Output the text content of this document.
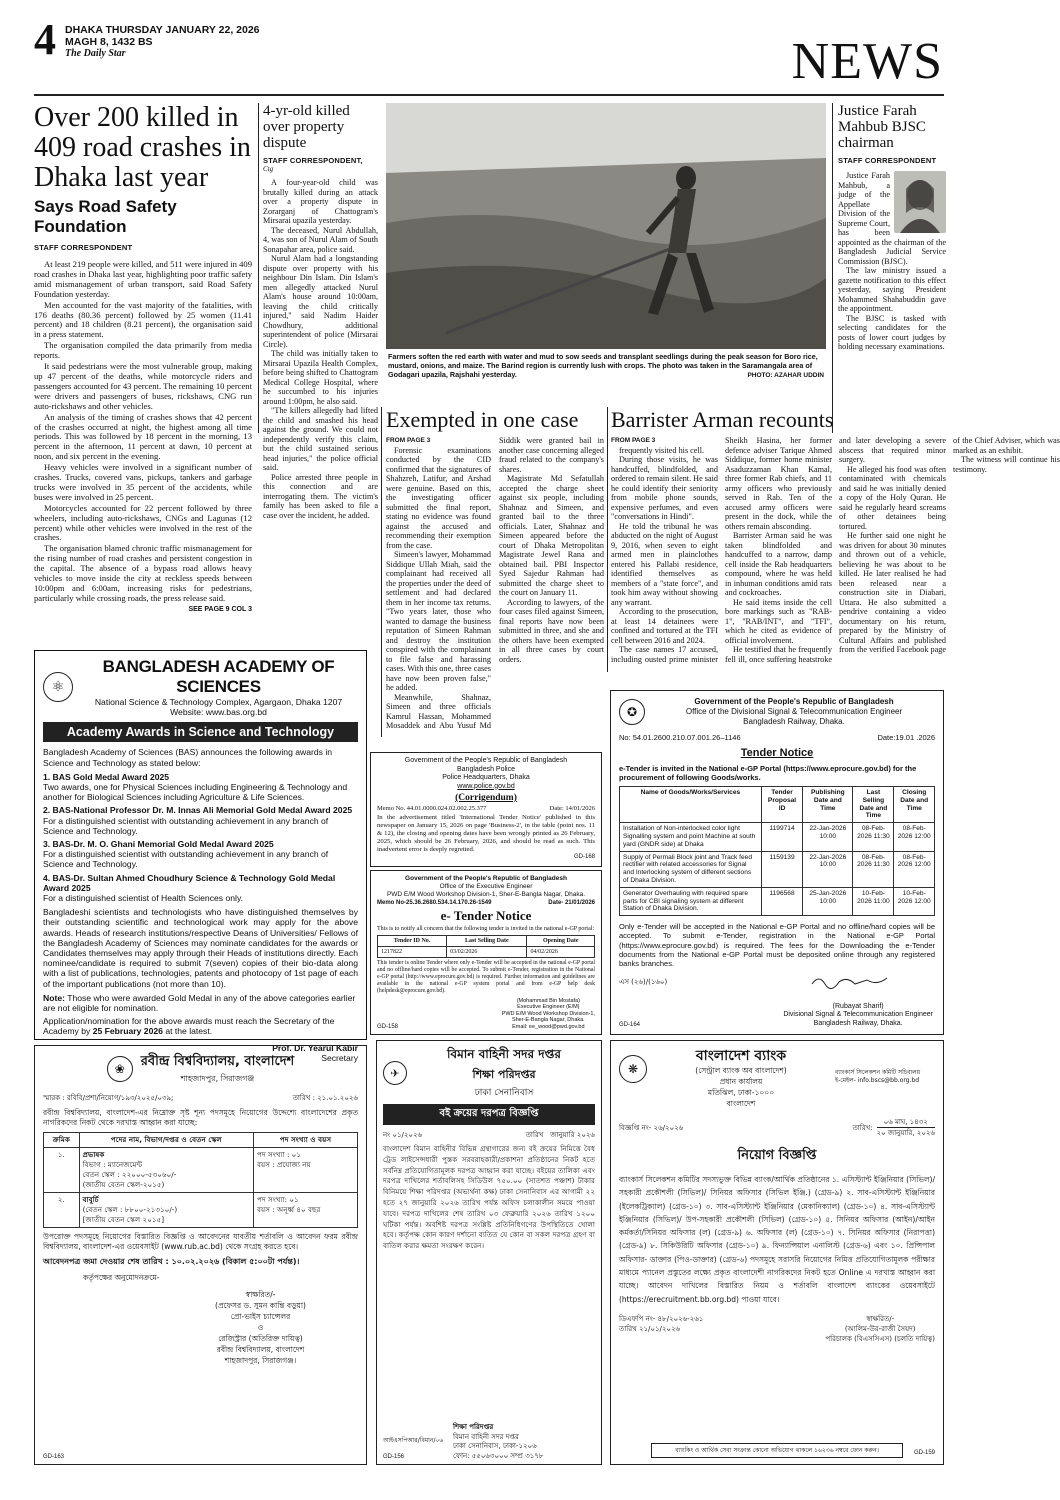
4 DHAKA THURSDAY JANUARY 22, 2026
MAGH 8, 1432 BS
The Daily Star	NEWS
Over 200 killed in 409 road crashes in Dhaka last year
Says Road Safety Foundation
STAFF CORRESPONDENT

At least 219 people were killed, and 511 were injured in 409 road crashes in Dhaka last year, highlighting poor traffic safety amid mismanagement of urban transport, said Road Safety Foundation yesterday.

Men accounted for the vast majority of the fatalities, with 176 deaths (80.36 percent) followed by 25 women (11.41 percent) and 18 children (8.21 percent), the organisation said in a press statement.

The organisation compiled the data primarily from media reports.

It said pedestrians were the most vulnerable group, making up 47 percent of the deaths, while motorcycle riders and passengers accounted for 43 percent. The remaining 10 percent were drivers and passengers of buses, rickshaws, CNG run auto-rickshaws and other vehicles.

An analysis of the timing of crashes shows that 42 percent of the crashes occurred at night, the highest among all time periods. This was followed by 18 percent in the morning, 13 percent in the afternoon, 11 percent at dawn, 10 percent at noon, and six percent in the evening.

Heavy vehicles were involved in a significant number of crashes. Trucks, covered vans, pickups, tankers and garbage trucks were involved in 35 percent of the accidents, while buses were involved in 25 percent.

Motorcycles accounted for 22 percent followed by three wheelers, including auto-rickshaws, CNGs and Lagunas (12 percent) while other vehicles were involved in the rest of the crashes.

The organisation blamed chronic traffic mismanagement for the rising number of road crashes and persistent congestion in the capital. The absence of a bypass road allows heavy vehicles to move inside the city at reckless speeds between 10:00pm and 6:00am, increasing risks for pedestrians, particularly while crossing roads, the press release said.

SEE PAGE 9 COL 3
4-yr-old killed over property dispute
STAFF CORRESPONDENT,
Ctg

A four-year-old child was brutally killed during an attack over a property dispute in Zorarganj of Chattogram's Mirsarai upazila yesterday.

The deceased, Nurul Abdullah, 4, was son of Nurul Alam of South Sonapahar area, police said.

Nurul Alam had a longstanding dispute over property with his neighbour Din Islam. Din Islam's men allegedly attacked Nurul Alam's house around 10:00am, leaving the child critically injured," said Nadim Haider Chowdhury, additional superintendent of police (Mirsarai Circle).

The child was initially taken to Mirsarai Upazila Health Complex, before being shifted to Chattogram Medical College Hospital, where he succumbed to his injuries around 1:00pm, he also said.

"The killers allegedly had lifted the child and smashed his head against the ground. We could not independently verify this claim, but the child sustained serious head injuries," the police official said.

Police arrested three people in this connection and are interrogating them. The victim's family has been asked to file a case over the incident, he added.

Farmers soften the red earth with water and mud to sow seeds and transplant seedlings during the peak season for Boro rice, mustard, onions, and maize. The Barind region is currently lush with crops. The photo was taken in the Saramangala area of Godagari upazila, Rajshahi yesterday.	PHOTO: AZAHAR UDDIN
Justice Farah Mahbub BJSC chairman
STAFF CORRESPONDENT

Justice Farah Mahbub, a judge of the Appellate Division of the Supreme Court, has been appointed as the chairman of the Bangladesh Judicial Service Commission (BJSC).

The law ministry issued a gazette notification to this effect yesterday, saying President Mohammed Shahabuddin gave the appointment.

The BJSC is tasked with selecting candidates for the posts of lower court judges by holding necessary examinations.

Exempted in one case
FROM PAGE 3

Forensic examinations conducted by the CID confirmed that the signatures of Shahzreh, Latifur, and Arshad were genuine. Based on this, the investigating officer submitted the final report, stating no evidence was found against the accused and recommending their exemption from the case.

Simeen's lawyer, Mohammad Siddique Ullah Miah, said the complainant had received all the properties under the deed of settlement and had declared them in her income tax returns. "Two years later, those who wanted to damage the business reputation of Simeen Rahman and destroy the institution conspired with the complainant to file false and harassing cases. With this one, three cases have now been proven false," he added.

Meanwhile, Shahnaz, Simeen and three officials Kamrul Hassan, Mohammed Mosaddek and Abu Yusuf Md Siddik were granted bail in another case concerning alleged fraud related to the company's shares.

Magistrate Md Sefatullah accepted the charge sheet against six people, including Shahnaz and Simeen, and granted bail to the three officials. Later, Shahnaz and Simeen appeared before the court of Dhaka Metropolitan Magistrate Jewel Rana and obtained bail. PBI Inspector Syed Sajedur Rahman had submitted the charge sheet to the court on January 11.

According to lawyers, of the four cases filed against Simeen, final reports have now been submitted in three, and she and the others have been exempted in all three cases by court orders.

Barrister Arman recounts
FROM PAGE 3

frequently visited his cell.

During those visits, he was handcuffed, blindfolded, and ordered to remain silent. He said he could identify their seniority from mobile phone sounds, expensive perfumes, and even "conversations in Hindi".

He told the tribunal he was abducted on the night of August 9, 2016, when seven to eight armed men in plainclothes entered his Pallabi residence, identified themselves as members of a "state force", and took him away without showing any warrant.

According to the prosecution, at least 14 detainees were confined and tortured at the TFI cell between 2016 and 2024.

The case names 17 accused, including ousted prime minister Sheikh Hasina, her former defence adviser Tarique Ahmed Siddique, former home minister Asaduzzaman Khan Kamal, three former Rab chiefs, and 11 army officers who previously served in Rab. Ten of the accused army officers were present in the dock, while the others remain absconding.

Barrister Arman said he was taken blindfolded and handcuffed to a narrow, damp cell inside the Rab headquarters compound, where he was held in inhuman conditions amid rats and cockroaches.

He said items inside the cell bore markings such as "RAB-1", "RAB/INT", and "TFI", which he cited as evidence of official involvement.

He testified that he frequently fell ill, once suffering heatstroke and later developing a severe abscess that required minor surgery.

He alleged his food was often contaminated with chemicals and said he was initially denied a copy of the Holy Quran. He said he regularly heard screams of other detainees being tortured.

He further said one night he was driven for about 30 minutes and thrown out of a vehicle, believing he was about to be killed. He later realised he had been released near a construction site in Diabari, Uttara. He also submitted a pendrive containing a video documentary on his return, prepared by the Ministry of Cultural Affairs and published from the verified Facebook page of the Chief Adviser, which was marked as an exhibit.

The witness will continue his testimony.

⚛
BANGLADESH ACADEMY OF SCIENCES
National Science & Technology Complex, Agargaon, Dhaka 1207
Website: www.bas.org.bd
Academy Awards in Science and Technology
Bangladesh Academy of Sciences (BAS) announces the following awards in Science and Technology as stated below:
1. BAS Gold Medal Award 2025
Two awards, one for Physical Sciences including Engineering & Technology and another for Biological Sciences including Agriculture & Life Sciences.
2. BAS-National Professor Dr. M. Innas Ali Memorial Gold Medal Award 2025
For a distinguished scientist with outstanding achievement in any branch of Science and Technology.
3. BAS-Dr. M. O. Ghani Memorial Gold Medal Award 2025
For a distinguished scientist with outstanding achievement in any branch of Science and Technology.
4. BAS-Dr. Sultan Ahmed Choudhury Science & Technology Gold Medal Award 2025
For a distinguished scientist of Health Sciences only.
Bangladeshi scientists and technologists who have distinguished themselves by their outstanding scientific and technological work may apply for the above awards. Heads of research institutions/respective Deans of Universities/ Fellows of the Bangladesh Academy of Sciences may nominate candidates for the awards or Candidates themselves may apply through their Heads of institutions directly. Each nominee/candidate is required to submit 7(seven) copies of their bio-data along with a list of publications, technologies, patents and photocopy of 1st page of each of the important publications (not more than 10).
Note: Those who were awarded Gold Medal in any of the above categories earlier are not eligible for nomination.
Application/nomination for the above awards must reach the Secretary of the Academy by 25 February 2026 at the latest.
Prof. Dr. Yearul Kabir
Secretary
Government of the People's Republic of Bangladesh
Bangladesh Police
Police Headquarters, Dhaka
www.police.gov.bd
(Corrigendum)
Memo No. 44.01.0000.024.02.002.25.377	Date: 14/01/2026
In the advertisement titled 'International Tender Notice' published in this newspaper on January 15, 2026 on page 'Business-2', in the table (point nos. 11 & 12), the closing and opening dates have been wrongly printed as 26 February, 2025, which should be 26 February, 2026, and should be read as such. This inadvertent error is deeply regretted.
GD-168
Government of the People's Republic of Bangladesh
Office of the Executive Engineer
PWD E/M Wood Workshop Division-1, Sher-E-Bangla Nagar, Dhaka.
Memo No-25.36.2680.534.14.170.26-1549	Date- 21/01/2026
e- Tender Notice
This is to notify all concern that the following tender is invited in the national e-GP portal:
Tender ID No.	Last Selling Date	Opening Date
1217822	03/02/2026	04/02/2026
This tender is online Tender where only e-Tender will be accepted in the national e-GP portal and no offline/hard copies will be accepted. To submit e-Tender, registration in the National e-GP portal (http://www.eprocure.gov.bd) is required. Further information and guidelines are available in the national e-GP system portal and from e-GP help desk (helpdesk@eprocure.gov.bd).
(Mohammad Bin Mostafa)
Executive Engineer (E/M)
PWD E/M Wood Workshop Division-1,
Sher-E-Bangla Nagar, Dhaka.
Email: ee_wood@pwd.gov.bd
GD-158
✪
Government of the People's Republic of Bangladesh
Office of the Divisional Signal & Telecommunication Engineer
Bangladesh Railway, Dhaka.
No: 54.01.2600.210.07.001.26–1146	Date:19.01 .2026
Tender Notice
e-Tender is invited in the National e-GP Portal (https://www.eprocure.gov.bd) for the procurement of following Goods/works.
Name of Goods/Works/Services	Tender Proposal ID	Publishing Date and Time	Last Selling Date and Time	Closing Date and Time
Installation of Non-interlocked color light Signalling system and point Machine at south yard (GNDR side) at Dhaka	1199714	22-Jan-2026 10:00	08-Feb-2026 11:30	08-Feb-2026 12:00
Supply of Permali Block joint and Track feed rectifier with related accessories for Signal and Interlocking system of different sections of Dhaka Division.	1159139	22-Jan-2026 10:00	08-Feb-2026 11:30	08-Feb-2026 12:00
Generator Overhauling with required spare parts for CBI signaling system at different Station of Dhaka Division.	1196568	25-Jan-2026 10:00	10-Feb-2026 11:00	10-Feb-2026 12:00
Only e-Tender will be accepted in the National e-GP Portal and no offline/hard copies will be accepted. To submit e-Tender, registration in the National e-GP Portal (https://www.eprocure.gov.bd) is required. The fees for the Downloading the e-Tender documents from the National e-GP Portal must be deposited online through any registered banks branches.
এস (২৬)/(১৬০)
(Rubayat Sharif)
Divisional Signal & Telecommunication Engineer
Bangladesh Railway, Dhaka.
GD-164
❀	রবীন্দ্র বিশ্ববিদ্যালয়, বাংলাদেশ
শাহজাদপুর, সিরাজগঞ্জ
স্মারক : রবিবি/প্রশা/নিয়োগ/১৯৩/২০২৫/০৩৯;	তারিখ : ২১.০১.২০২৬
রবীন্দ্র বিশ্ববিদ্যালয়, বাংলাদেশ-এর নিম্নোক্ত সৃষ্ট শূন্য পদসমূহে নিয়োগের উদ্দেশ্যে বাংলাদেশের প্রকৃত নাগরিকদের নিকট থেকে দরখাস্ত আহ্বান করা যাচ্ছে:
ক্রমিক	পদের নাম, বিভাগ/দপ্তর ও বেতন স্কেল	পদ সংখ্যা ও বয়স
১.	প্রভাষক
বিভাগ : ম্যানেজমেন্ট
বেতন স্কেল : ২২০০০-৫৩০৬০/-
(জাতীয় বেতন স্কেল-২০১৫)	পদ সংখ্যা : ০১
বয়স : প্রযোজ্য নয়
২.	বাবুর্চি
(বেতন স্কেল : ৮৮০০-২১৩১০/-)
[জাতীয় বেতন স্কেল ২০১৫]	পদ সংখ্যা: ০১
বয়স : অনূর্ধ্ব ৪০ বছর
উপরোক্ত পদসমূহে নিয়োগের বিস্তারিত বিজ্ঞপ্তি ও আবেদনের যাবতীয় শর্তাবলি ও আবেদন ফরম রবীন্দ্র বিশ্ববিদ্যালয়, বাংলাদেশ-এর ওয়েবসাইট (www.rub.ac.bd) থেকে সংগ্রহ করতে হবে।
আবেদনপত্র জমা দেওয়ার শেষ তারিখ : ১০.০২.২০২৬ (বিকাল ৫:০০টা পর্যন্ত)।
কর্তৃপক্ষের অনুমোদনক্রমে-
স্বাক্ষরিত/-
(প্রফেসর ড. সুমন কান্তি বড়ুয়া)
প্রো-ভাইস চ্যান্সেলর
ও
রেজিস্ট্রার (অতিরিক্ত দায়িত্ব)
রবীন্দ্র বিশ্ববিদ্যালয়, বাংলাদেশ
শাহজাদপুর, সিরাজগঞ্জ।
GD-163
✈
বিমান বাহিনী সদর দপ্তর
শিক্ষা পরিদপ্তর
ঢাকা সেনানিবাস
বই ক্রয়ের দরপত্র বিজ্ঞপ্তি
নং ০১/২০২৬	তারিখ জানুয়ারি ২০২৬
বাংলাদেশ বিমান বাহিনীর বিভিন্ন গ্রন্থাগারের জন্য বই ক্রয়ের নিমিত্তে বৈধ ট্রেড লাইসেন্সধারী পুস্তক সরবরাহকারী/প্রকাশনা প্রতিষ্ঠানের নিকট হতে সর্বনিম্ন প্রতিযোগিতামূলক দরপত্র আহ্বান করা যাচ্ছে। বইয়ের তালিকা এবং দরপত্র দাখিলের শর্তাবলিসহ সিডিউল ৭৫০.০০ (সাতশত পঞ্চাশ) টাকার বিনিময়ে শিক্ষা পরিদপ্তর (অভ্যর্থনা কক্ষ) ঢাকা সেনানিবাস এর আগামী ২২ হতে ২৭ জানুয়ারি ২০২৬ তারিখ পর্যন্ত অফিস চলাকালীন সময়ে পাওয়া যাবে। দরপত্র দাখিলের শেষ তারিখ ০৩ ফেব্রুয়ারি ২০২৬ তারিখ ১২০০ ঘটিকা পর্যন্ত। অবশিষ্ট দরপত্র সংশ্লিষ্ট প্রতিনিধিগণের উপস্থিতিতে খোলা হবে। কর্তৃপক্ষ কোন কারণ দর্শানো ব্যতিত যে কোন বা সকল দরপত্র গ্রহণ বা বাতিল করার ক্ষমতা সংরক্ষণ করেন।
শিক্ষা পরিদপ্তর
বিমান বাহিনী সদর দপ্তর
ঢাকা সেনানিবাস, ঢাকা-১২০৬
ফোন: ৫৫০৬৩০০০ সম্প্র ৩১৭৮
আইএসপিআর/বিমান/০৬
GD-156
❋
বাংলাদেশ ব্যাংক
(সেন্ট্রাল ব্যাংক অব বাংলাদেশ)
প্রধান কার্যালয়
মতিঝিল, ঢাকা-১০০০
বাংলাদেশ
ব্যাংকার্স সিলেকশন কমিটি সচিবালয়
ই-মেইল- info.bscs@bb.org.bd
বিজ্ঞপ্তি নং- ২৬/২০২৬	তারিখ:
০৬ মাঘ, ১৪৩২
২০ জানুয়ারি, ২০২৬
নিয়োগ বিজ্ঞপ্তি
ব্যাংকার্স সিলেকশন কমিটির সদস্যভুক্ত বিভিন্ন ব্যাংক/আর্থিক প্রতিষ্ঠানের ১. এসিস্ট্যান্ট ইঞ্জিনিয়ার (সিভিল)/ সহকারী প্রকৌশলী (সিভিল)/ সিনিয়র অফিসার (সিভিল ইঞ্জি.) (গ্রেড-৯) ২. সাব-এসিস্ট্যান্ট ইঞ্জিনিয়ার (ইলেকট্রিক্যাল) (গ্রেড-১০) ৩. সাব-এসিস্ট্যান্ট ইঞ্জিনিয়ার (মেকানিক্যাল) (গ্রেড-১০) ৪. সাব-এসিস্ট্যান্ট ইঞ্জিনিয়ার (সিভিল)/ উপ-সহকারী প্রকৌশলী (সিভিল) (গ্রেড-১০) ৫. সিনিয়র অফিসার (আইন)/আইন কর্মকর্তা/সিনিয়র অফিসার (ল) (গ্রেড-৯) ৬. অফিসার (ল) (গ্রেড-১০) ৭. সিনিয়র অফিসার (নিরাপত্তা) (গ্রেড-৯) ৮. সিকিউরিটি অফিসার (গ্রেড-১০) ৯. ফিন্যান্সিয়াল এনালিস্ট (গ্রেড-৬) এবং ১০. প্রিন্সিপাল অফিসার- ডাক্তার (পিও-ডাক্তার) (গ্রেড-৬) পদসমূহে সরাসরি নিয়োগের নিমিত্ত প্রতিযোগিতামূলক পরীক্ষার মাধ্যমে প্যানেল প্রস্তুতের লক্ষ্যে প্রকৃত বাংলাদেশী নাগরিকদের নিকট হতে Online এ দরখাস্ত আহ্বান করা যাচ্ছে। আবেদন দাখিলের বিস্তারিত নিয়ম ও শর্তাবলি বাংলাদেশ ব্যাংকের ওয়েবসাইটে (https://erecruitment.bb.org.bd) পাওয়া যাবে।
ডিএফপি নং- ৪৮/২০২৬-২৬১
তারিখ ২১/০১/২০২৬
স্বাক্ষরিত/-
(আলিম-উর-রাজী সৈয়দ)
পরিচালক (বিএসসিএস) (চলতি দায়িত্ব)
ব্যাংকিং ও আর্থিক সেবা সংক্রান্ত কোনো অভিযোগ থাকলে ১৬২৩৬ নম্বরে ফোন করুন।	GD-159
